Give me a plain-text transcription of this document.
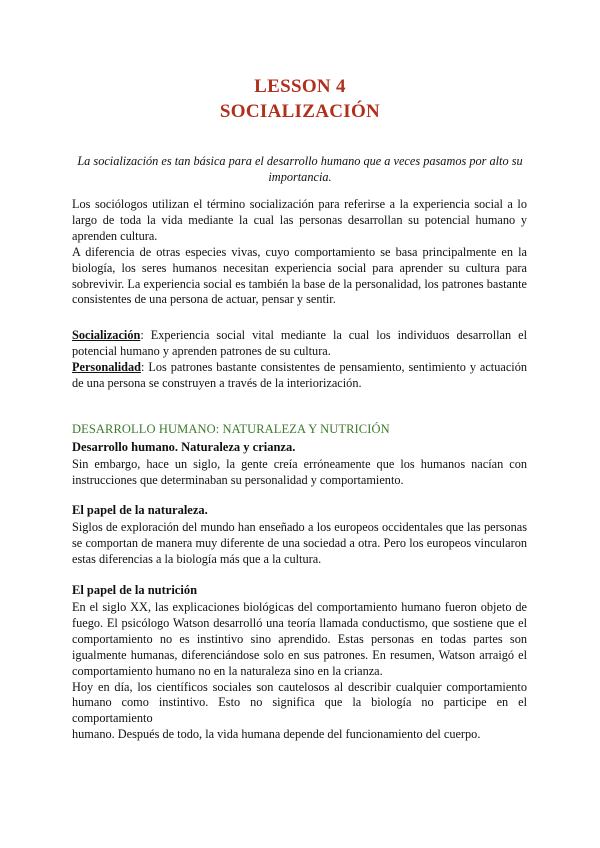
LESSON 4
SOCIALIZACIÓN
La socialización es tan básica para el desarrollo humano que a veces pasamos por alto su
importancia.
Los sociólogos utilizan el término socialización para referirse a la experiencia social a lo
largo de toda la vida mediante la cual las personas desarrollan su potencial humano y
aprenden cultura.
A diferencia de otras especies vivas, cuyo comportamiento se basa principalmente en la
biología, los seres humanos necesitan experiencia social para aprender su cultura para
sobrevivir. La experiencia social es también la base de la personalidad, los patrones bastante
consistentes de una persona de actuar, pensar y sentir.
Socialización: Experiencia social vital mediante la cual los individuos desarrollan el
potencial humano y aprenden patrones de su cultura.
Personalidad: Los patrones bastante consistentes de pensamiento, sentimiento y actuación
de una persona se construyen a través de la interiorización.
DESARROLLO HUMANO: NATURALEZA Y NUTRICIÓN
Desarrollo humano. Naturaleza y crianza.
Sin embargo, hace un siglo, la gente creía erróneamente que los humanos nacían con
instrucciones que determinaban su personalidad y comportamiento.
El papel de la naturaleza.
Siglos de exploración del mundo han enseñado a los europeos occidentales que las personas
se comportan de manera muy diferente de una sociedad a otra. Pero los europeos vincularon
estas diferencias a la biología más que a la cultura.
El papel de la nutrición
En el siglo XX, las explicaciones biológicas del comportamiento humano fueron objeto de
fuego. El psicólogo Watson desarrolló una teoría llamada conductismo, que sostiene que el
comportamiento no es instintivo sino aprendido. Estas personas en todas partes son
igualmente humanas, diferenciándose solo en sus patrones. En resumen, Watson arraigó el
comportamiento humano no en la naturaleza sino en la crianza.
Hoy en día, los científicos sociales son cautelosos al describir cualquier comportamiento
humano como instintivo. Esto no significa que la biología no participe en el comportamiento
humano. Después de todo, la vida humana depende del funcionamiento del cuerpo.
